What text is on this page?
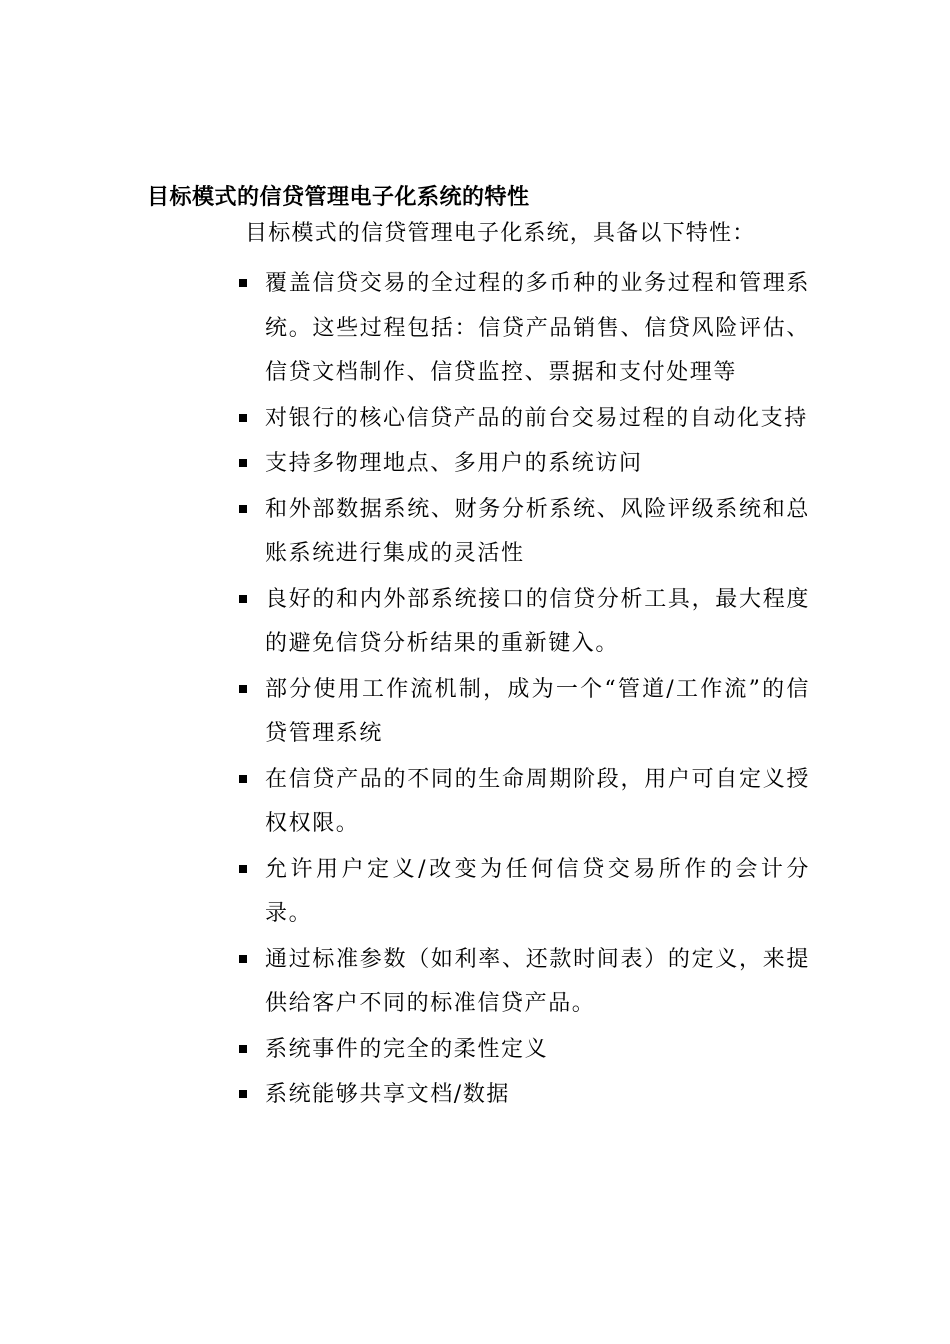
目标模式的信贷管理电子化系统的特性
目标模式的信贷管理电子化系统，具备以下特性：
覆盖信贷交易的全过程的多币种的业务过程和管理系统。这些过程包括：信贷产品销售、信贷风险评估、信贷文档制作、信贷监控、票据和支付处理等
对银行的核心信贷产品的前台交易过程的自动化支持
支持多物理地点、多用户的系统访问
和外部数据系统、财务分析系统、风险评级系统和总账系统进行集成的灵活性
良好的和内外部系统接口的信贷分析工具，最大程度的避免信贷分析结果的重新键入。
部分使用工作流机制，成为一个“管道/工作流”的信贷管理系统
在信贷产品的不同的生命周期阶段，用户可自定义授权权限。
允许用户定义/改变为任何信贷交易所作的会计分录。
通过标准参数（如利率、还款时间表）的定义，来提供给客户不同的标准信贷产品。
系统事件的完全的柔性定义
系统能够共享文档/数据
